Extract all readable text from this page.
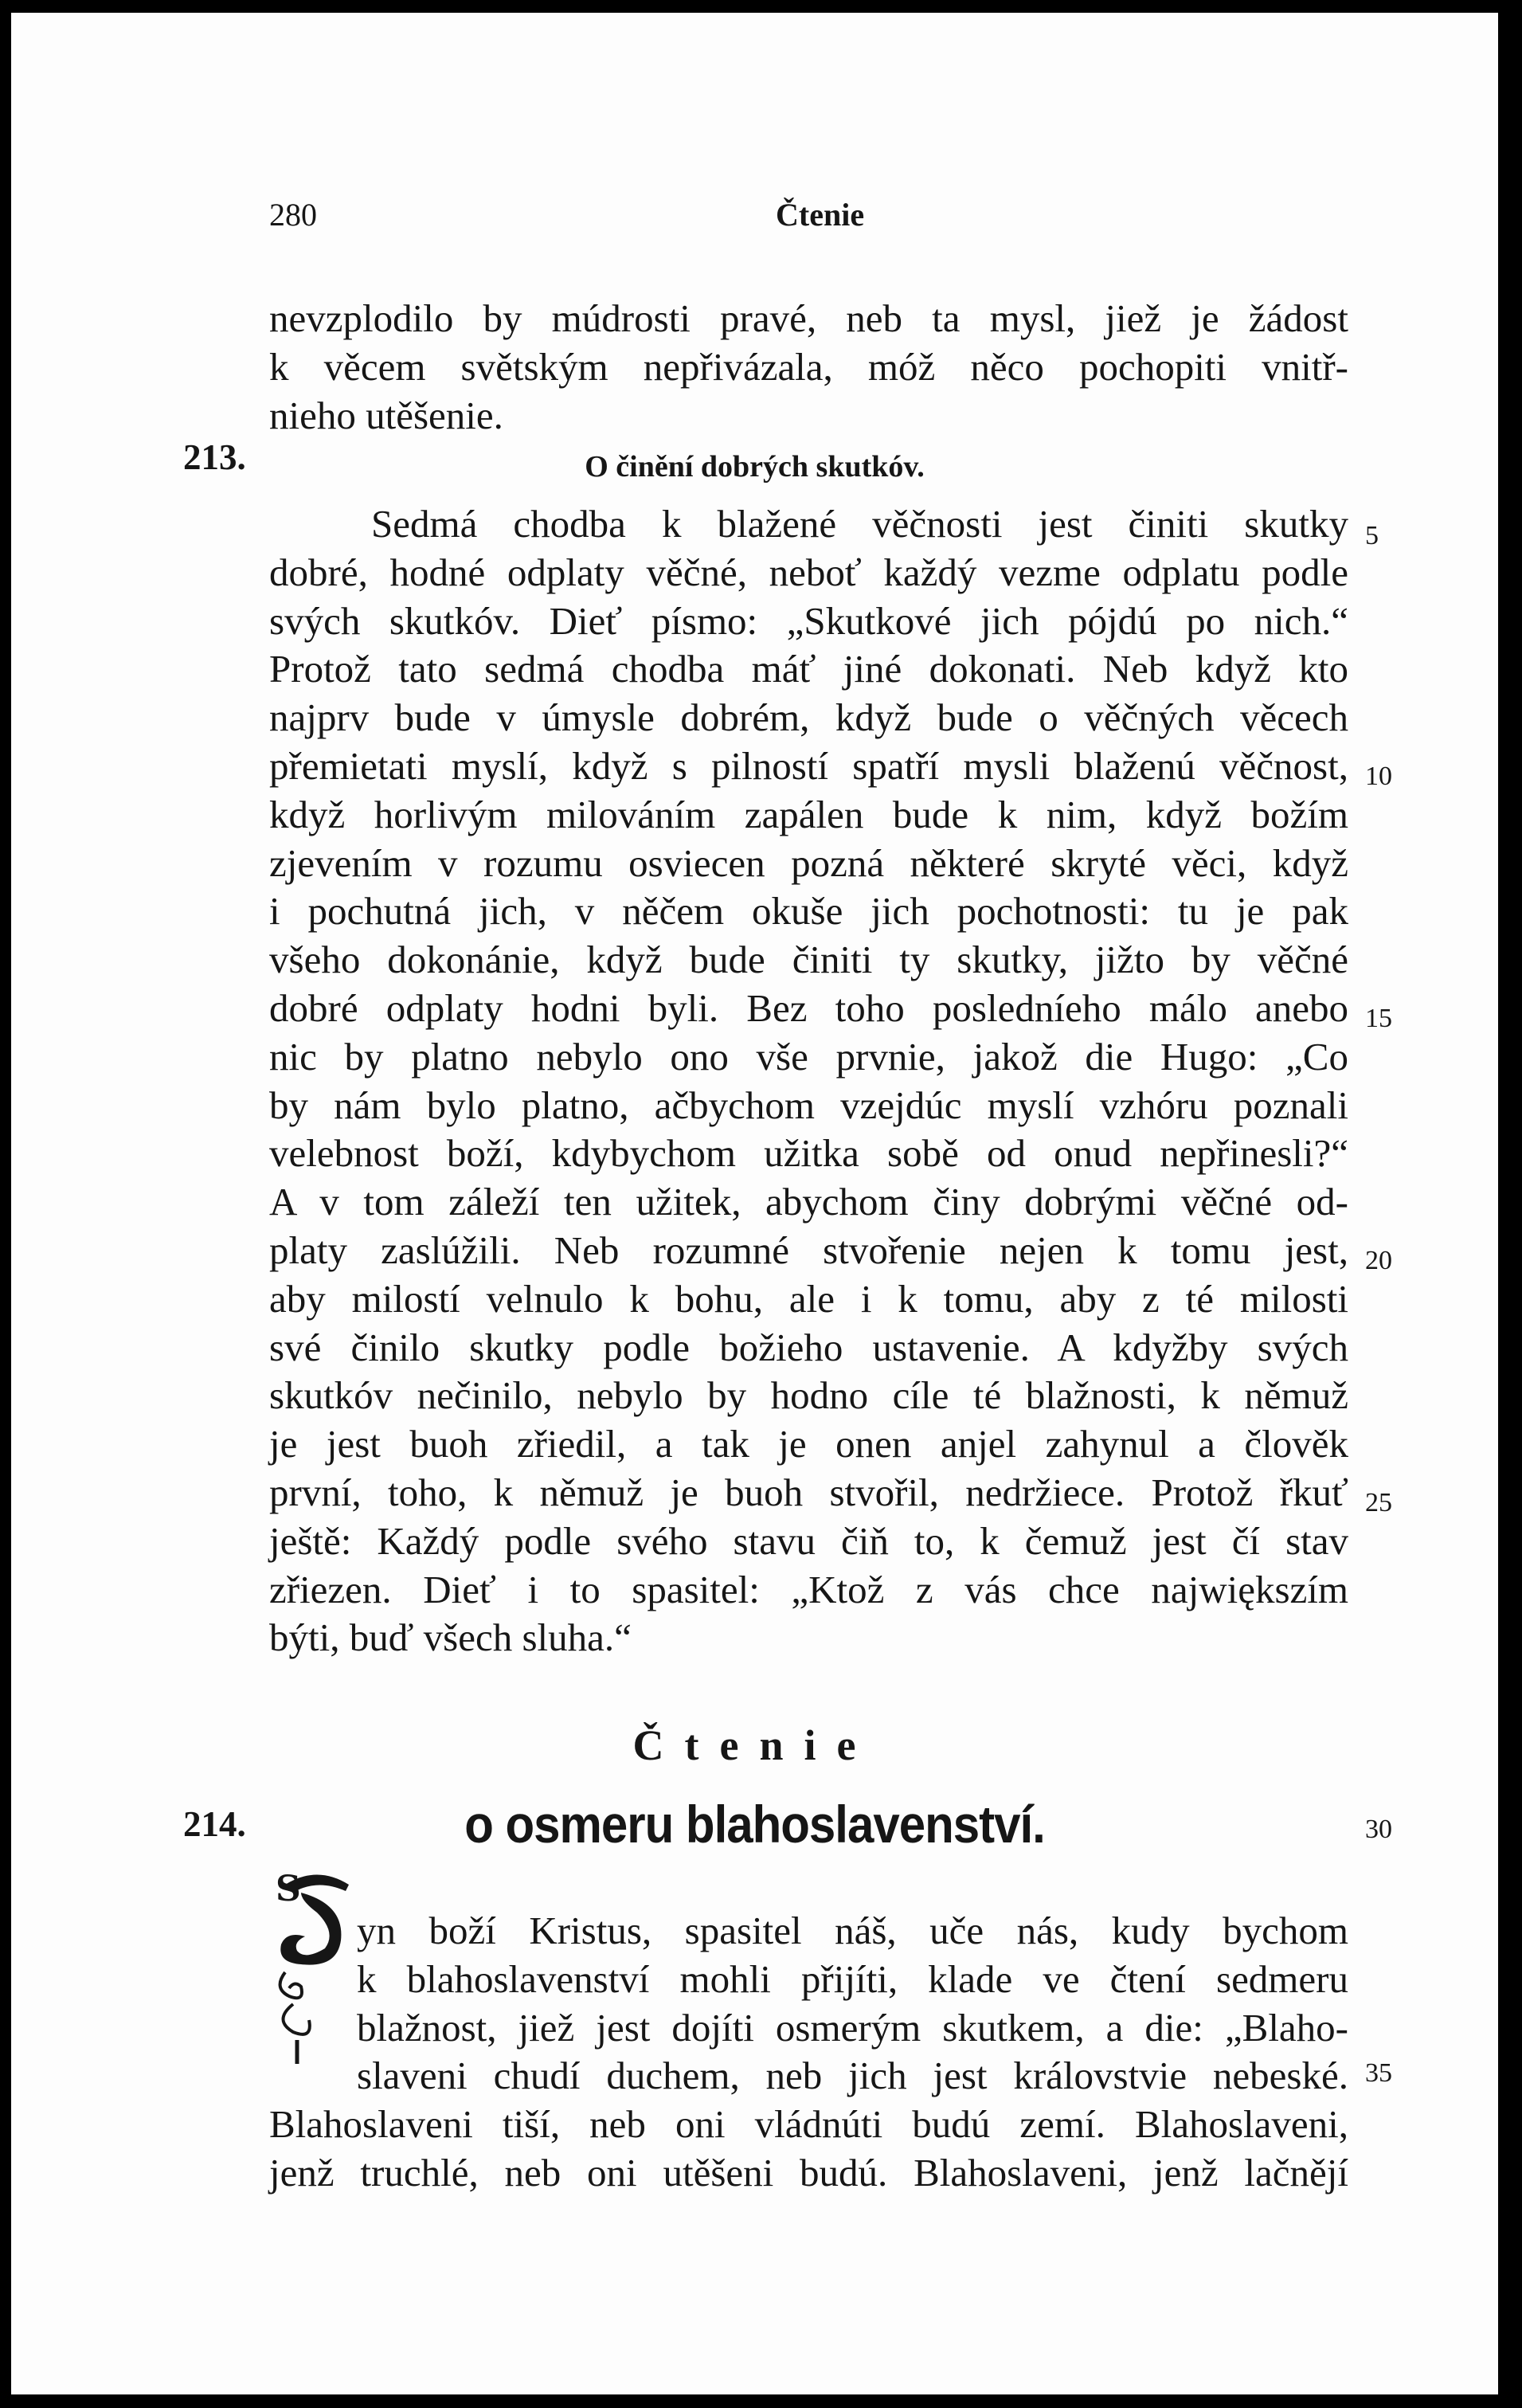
280	Čtenie
nevzplodilo by múdrosti pravé, neb ta mysl, jiež je žádost
k věcem světským nepřivázala, móž něco pochopiti vnitř-
nieho utěšenie.
213.	O činění dobrých skutkóv.
Sedmá chodba k blažené věčnosti jest činiti skutky
dobré, hodné odplaty věčné, neboť každý vezme odplatu podle
svých skutkóv. Dieť písmo: „Skutkové jich pójdú po nich.“
Protož tato sedmá chodba máť jiné dokonati. Neb když kto
najprv bude v úmysle dobrém, když bude o věčných věcech
přemietati myslí, když s pilností spatří mysli blaženú věčnost,
když horlivým milováním zapálen bude k nim, když božím
zjevením v rozumu osviecen pozná některé skryté věci, když
i pochutná jich, v něčem okuše jich pochotnosti: tu je pak
všeho dokonánie, když bude činiti ty skutky, jižto by věčné
dobré odplaty hodni byli. Bez toho posledníeho málo anebo
nic by platno nebylo ono vše prvnie, jakož die Hugo: „Co
by nám bylo platno, ačbychom vzejdúc myslí vzhóru poznali
velebnost boží, kdybychom užitka sobě od onud nepřinesli?“
A v tom záleží ten užitek, abychom činy dobrými věčné od-
platy zaslúžili. Neb rozumné stvořenie nejen k tomu jest,
aby milostí velnulo k bohu, ale i k tomu, aby z té milosti
své činilo skutky podle božieho ustavenie. A kdyžby svých
skutkóv nečinilo, nebylo by hodno cíle té blažnosti, k němuž
je jest buoh zřiedil, a tak je onen anjel zahynul a člověk
první, toho, k němuž je buoh stvořil, nedržiece. Protož řkuť
ještě: Každý podle svého stavu čiň to, k čemuž jest čí stav
zřiezen. Dieť i to spasitel: „Ktož z vás chce największím
býti, buď všech sluha.“
5
10
15
20
25
30
35
Čtenie
214.	o osmeru blahoslavenství.
S
yn boží Kristus, spasitel náš, uče nás, kudy bychom
k blahoslavenství mohli přijíti, klade ve čtení sedmeru
blažnost, jiež jest dojíti osmerým skutkem, a die: „Blaho-
slaveni chudí duchem, neb jich jest královstvie nebeské.
Blahoslaveni tiší, neb oni vládnúti budú zemí. Blahoslaveni,
jenž truchlé, neb oni utěšeni budú. Blahoslaveni, jenž lačnějí
